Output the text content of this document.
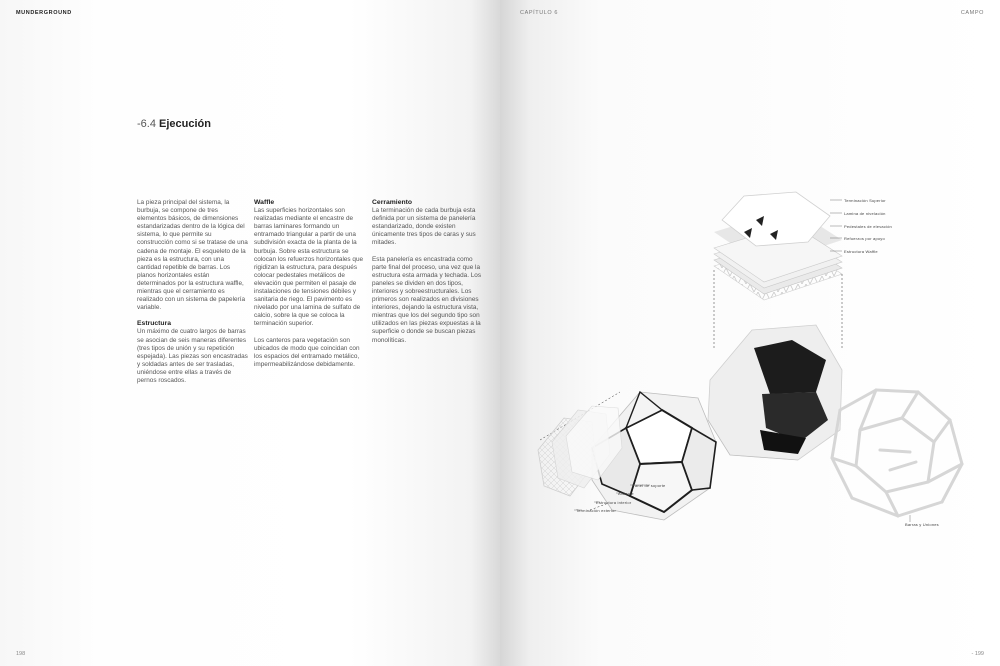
MUNDERGROUND	CAPÍTULO 6	CAMPO
-6.4 Ejecución

La pieza principal del sistema, la burbuja, se compone de tres elementos básicos, de dimensiones estandarizadas dentro de la lógica del sistema, lo que permite su construcción como si se tratase de una cadena de montaje. El esqueleto de la pieza es la estructura, con una cantidad repetible de barras. Los planos horizontales están determinados por la estructura waffle, mientras que el cerramiento es realizado con un sistema de papelería variable.

Estructura

Un máximo de cuatro largos de barras se asocian de seis maneras diferentes (tres tipos de unión y su repetición espejada). Las piezas son encastradas y soldadas antes de ser trasladas, uniéndose entre ellas a través de pernos roscados.

Waffle

Las superficies horizontales son realizadas mediante el encastre de barras laminares formando un entramado triangular a partir de una subdivisión exacta de la planta de la burbuja. Sobre esta estructura se colocan los refuerzos horizontales que rigidizan la estructura, para después colocar pedestales metálicos de elevación que permiten el pasaje de instalaciones de tensiones débiles y sanitaria de riego. El pavimento es nivelado por una lamina de sulfato de calcio, sobre la que se coloca la terminación superior.

Los canteros para vegetación son ubicados de modo que coincidan con los espacios del entramado metálico, impermeabilizándose debidamente.

Cerramiento

La terminación de cada burbuja esta definida por un sistema de panelería estandarizado, donde existen únicamente tres tipos de caras y sus mitades.

Esta panelería es encastrada como parte final del proceso, una vez que la estructura esta armada y techada. Los paneles se dividen en dos tipos, interiores y sobreestructurales. Los primeros son realizados en divisiones interiores, dejando la estructura vista, mientras que los del segundo tipo son utilizados en las piezas expuestas a la superficie o donde se buscan piezas monolíticas.

Terminación Superior
Lamina de nivelación
Pedestales de elevación
Refuerzos por apoyo
Estructura Waffle
Barras y Uniones
Panel de soporte
Aislante
Estructura interior
Terminación exterior
198	- 199
